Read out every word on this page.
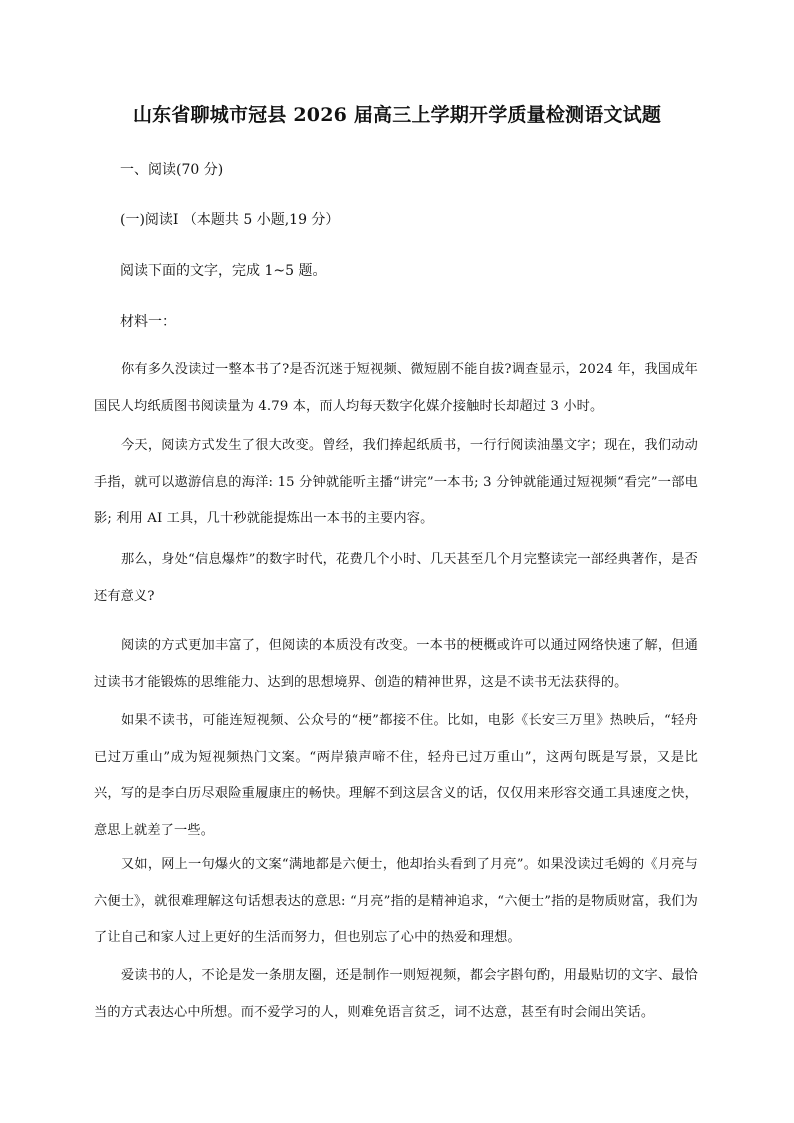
山东省聊城市冠县 2026 届高三上学期开学质量检测语文试题

一、阅读(70 分)

(一)阅读Ⅰ （本题共 5 小题,19 分）

阅读下面的文字，完成 1~5 题。

材料一：

你有多久没读过一整本书了?是否沉迷于短视频、微短剧不能自拔?调查显示，2024 年，我国成年国民人均纸质图书阅读量为 4.79 本，而人均每天数字化媒介接触时长却超过 3 小时。

今天，阅读方式发生了很大改变。曾经，我们捧起纸质书，一行行阅读油墨文字；现在，我们动动手指，就可以遨游信息的海洋: 15 分钟就能听主播“讲完”一本书; 3 分钟就能通过短视频“看完”一部电影; 利用 AI 工具，几十秒就能提炼出一本书的主要内容。

那么，身处“信息爆炸”的数字时代，花费几个小时、几天甚至几个月完整读完一部经典著作，是否还有意义?

阅读的方式更加丰富了，但阅读的本质没有改变。一本书的梗概或许可以通过网络快速了解，但通过读书才能锻炼的思维能力、达到的思想境界、创造的精神世界，这是不读书无法获得的。

如果不读书，可能连短视频、公众号的“梗”都接不住。比如，电影《长安三万里》热映后，“轻舟已过万重山”成为短视频热门文案。“两岸猿声啼不住，轻舟已过万重山”，这两句既是写景，又是比兴，写的是李白历尽艰险重履康庄的畅快。理解不到这层含义的话，仅仅用来形容交通工具速度之快，意思上就差了一些。

又如，网上一句爆火的文案“满地都是六便士，他却抬头看到了月亮”。如果没读过毛姆的《月亮与六便士》，就很难理解这句话想表达的意思: “月亮”指的是精神追求，“六便士”指的是物质财富，我们为了让自己和家人过上更好的生活而努力，但也别忘了心中的热爱和理想。

爱读书的人，不论是发一条朋友圈，还是制作一则短视频，都会字斟句酌，用最贴切的文字、最恰当的方式表达心中所想。而不爱学习的人，则难免语言贫乏，词不达意，甚至有时会闹出笑话。
